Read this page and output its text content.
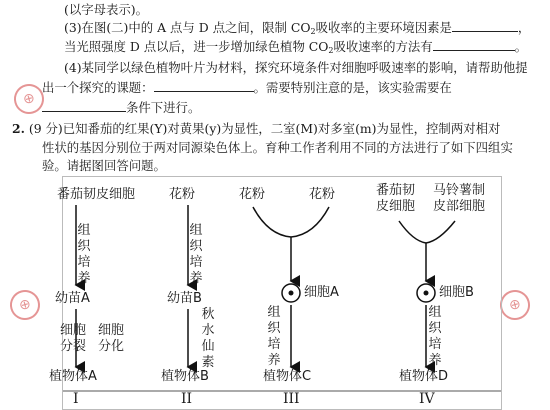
(以字母表示)。
(3)在图(二)中的 A 点与 D 点之间，限制 $CO_2$吸收率的主要环境因素是	，
当光照强度 D 点以后，进一步增加绿色植物 $CO_2$吸收速率的方法有	。
(4)某同学以绿色植物叶片为材料，探究环境条件对细胞呼吸速率的影响，请帮助他提
出一个探究的课题：	。需要特别注意的是，该实验需要在
条件下进行。
2. (9 分)已知番茄的红果(Y)对黄果(y)为显性，二室(M)对多室(m)为显性，控制两对相对
性状的基因分别位于两对同源染色体上。育种工作者利用不同的方法进行了如下四组实
验。请据图回答问题。
⊕
⊕	⊕
番茄韧皮细胞
组织培养
幼苗A
细胞分裂
细胞分化
植物体A
I
花粉
组织培养
幼苗B
秋水仙素
植物体B
II
花粉	花粉
细胞A
组织培养
植物体C
III
番茄韧皮细胞
马铃薯制皮部细胞
细胞B
组织培养
植物体D
IV
